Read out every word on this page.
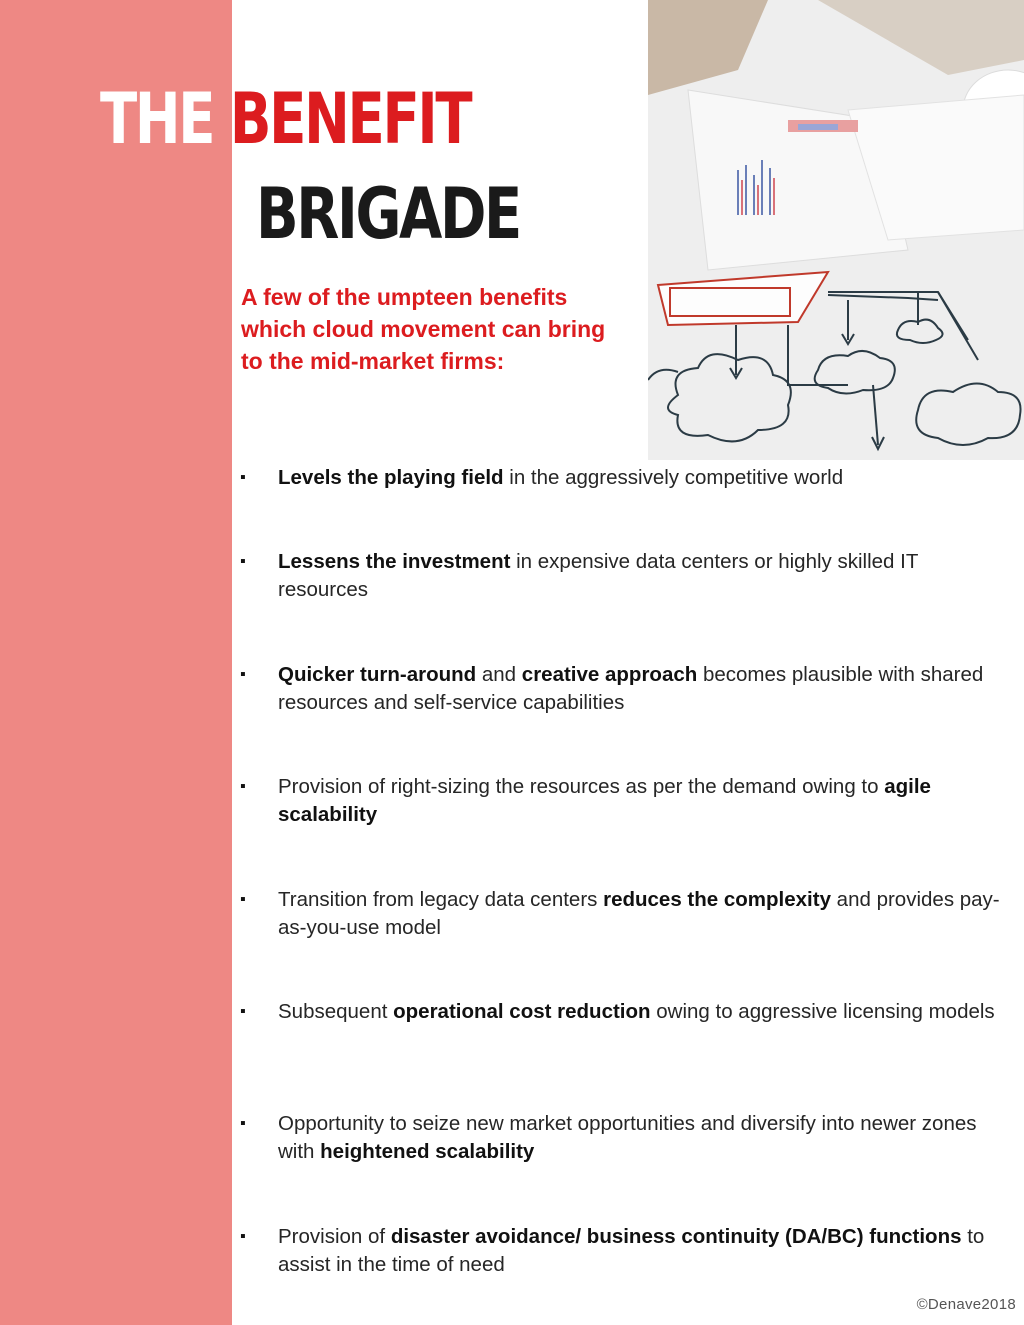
THE BENEFIT
BRIGADE

A few of the umpteen benefits which cloud movement can bring to the mid-market firms:

▪ Levels the playing field in the aggressively competitive world
▪ Lessens the investment in expensive data centers or highly skilled IT resources
▪ Quicker turn-around and creative approach becomes plausible with shared resources and self-service capabilities
▪ Provision of right-sizing the resources as per the demand owing to agile scalability
▪ Transition from legacy data centers reduces the complexity and provides pay-as-you-use model
▪ Subsequent operational cost reduction owing to aggressive licensing models
▪ Opportunity to seize new market opportunities and diversify into newer zones with heightened scalability
▪ Provision of disaster avoidance/ business continuity (DA/BC) functions to assist in the time of need
©Denave2018
